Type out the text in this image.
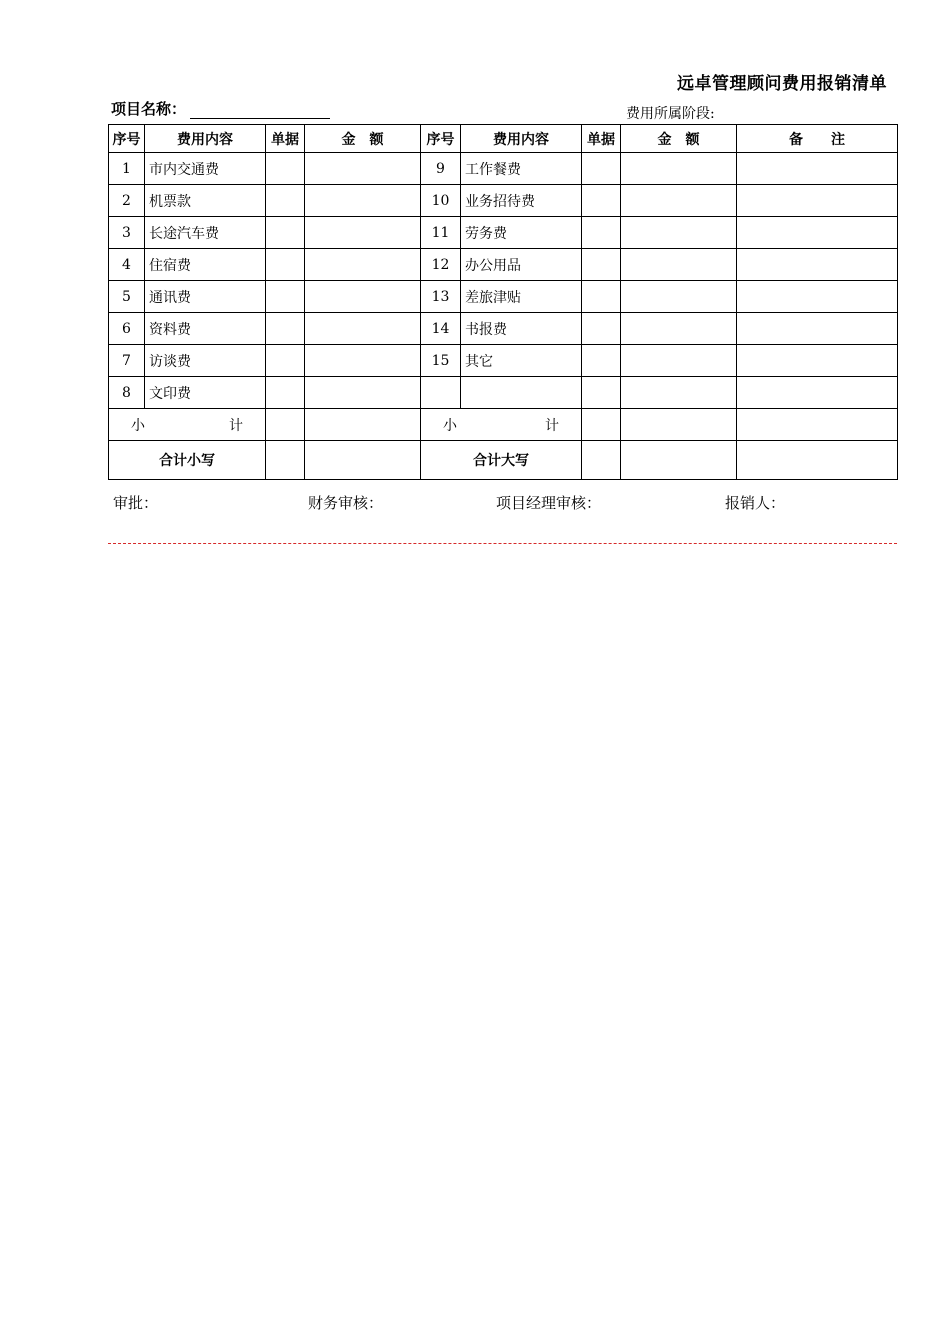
远卓管理顾问费用报销清单
项目名称：	费用所属阶段:
序号	费用内容	单据	金　额	序号	费用内容	单据	金　额	备　　注
1	市内交通费			9	工作餐费			
2	机票款			10	业务招待费			
3	长途汽车费			11	劳务费			
4	住宿费			12	办公用品			
5	通讯费			13	差旅津贴			
6	资料费			14	书报费			
7	访谈费			15	其它			
8	文印费							

小 计				小 计				

合计小写				合计大写				
审批：	财务审核：	项目经理审核：	报销人：
